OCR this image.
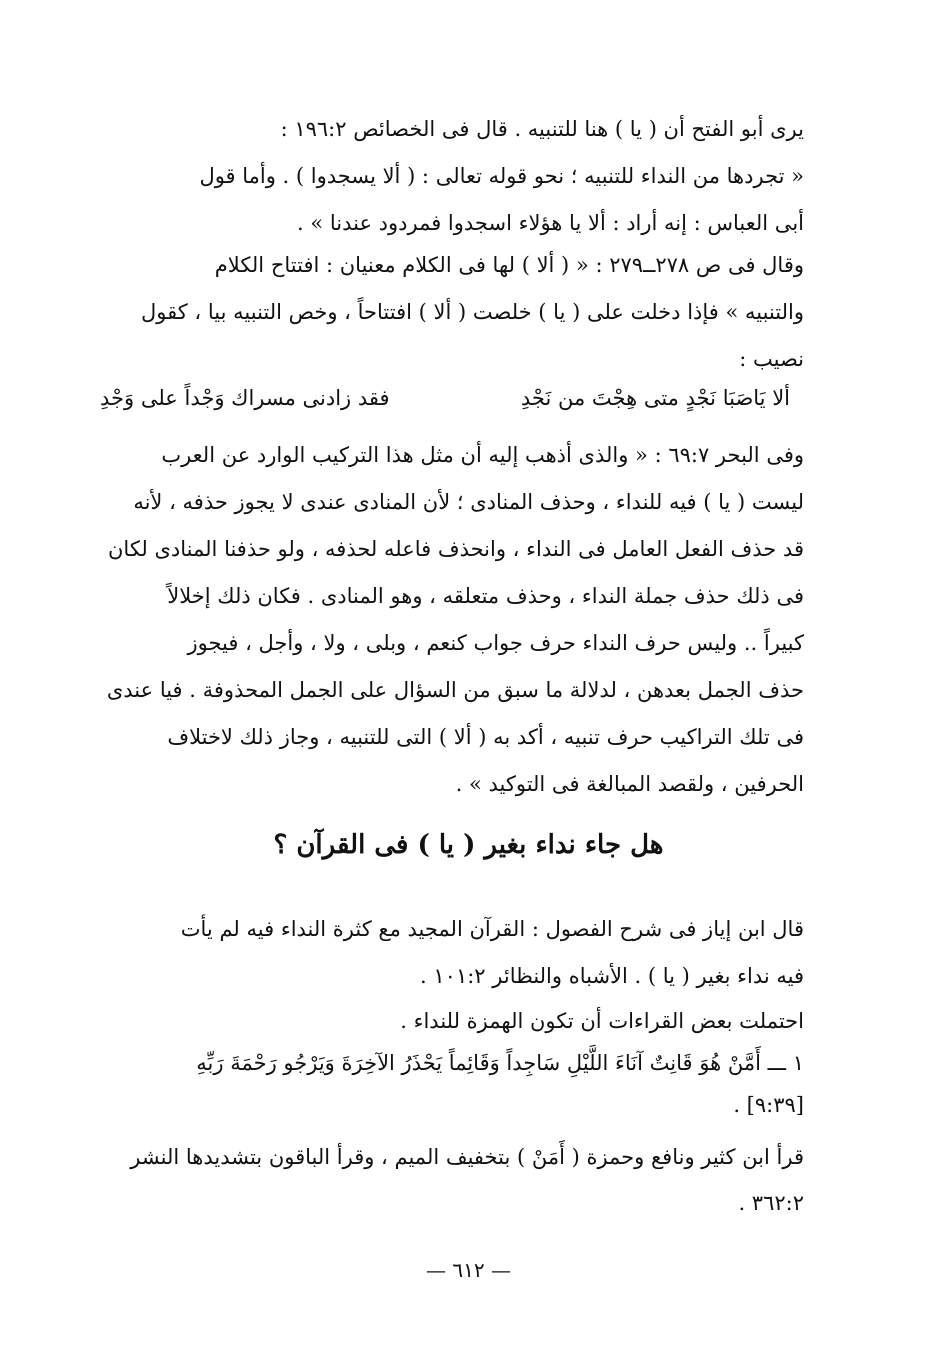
يرى أبو الفتح أن ( يا ) هنا للتنبيه . قال فى الخصائص ١٩٦:٢ :
« تجردها من النداء للتنبيه ؛ نحو قوله تعالى : ( ألا يسجدوا ) . وأما قول
أبى العباس : إنه أراد : ألا يا هؤلاء اسجدوا فمردود عندنا » .
وقال فى ص ٢٧٨ــ٢٧٩ : « ( ألا ) لها فى الكلام معنيان : افتتاح الكلام
والتنبيه » فإذا دخلت على ( يا ) خلصت ( ألا ) افتتاحاً ، وخص التنبيه بيا ، كقول
نصيب :
ألا يَاصَبَا نَجْدٍ متى هِجْتَ من نَجْدِ
فقد زادنى مسراك وَجْداً على وَجْدِ
وفى البحر ٦٩:٧ : « والذى أذهب إليه أن مثل هذا التركيب الوارد عن العرب
ليست ( يا ) فيه للنداء ، وحذف المنادى ؛ لأن المنادى عندى لا يجوز حذفه ، لأنه
قد حذف الفعل العامل فى النداء ، وانحذف فاعله لحذفه ، ولو حذفنا المنادى لكان
فى ذلك حذف جملة النداء ، وحذف متعلقه ، وهو المنادى . فكان ذلك إخلالاً
كبيراً .. وليس حرف النداء حرف جواب كنعم ، وبلى ، ولا ، وأجل ، فيجوز
حذف الجمل بعدهن ، لدلالة ما سبق من السؤال على الجمل المحذوفة . فيا عندى
فى تلك التراكيب حرف تنبيه ، أكد به ( ألا ) التى للتنبيه ، وجاز ذلك لاختلاف
الحرفين ، ولقصد المبالغة فى التوكيد » .
هل جاء نداء بغير ( يا ) فى القرآن ؟
قال ابن إياز فى شرح الفصول : القرآن المجيد مع كثرة النداء فيه لم يأت
فيه نداء بغير ( يا ) . الأشباه والنظائر ١٠١:٢ .
احتملت بعض القراءات أن تكون الهمزة للنداء .
١ ـــ أَمَّنْ هُوَ قَانِتٌ آنَاءَ اللَّيْلِ سَاجِداً وَقَائِماً يَحْذَرُ الآخِرَةَ وَيَرْجُو رَحْمَةَ رَبِّهِ
[٩:٣٩] .
قرأ ابن كثير ونافع وحمزة ( أَمَنْ ) بتخفيف الميم ، وقرأ الباقون بتشديدها النشر
٣٦٢:٢ .
— ٦١٢ —
